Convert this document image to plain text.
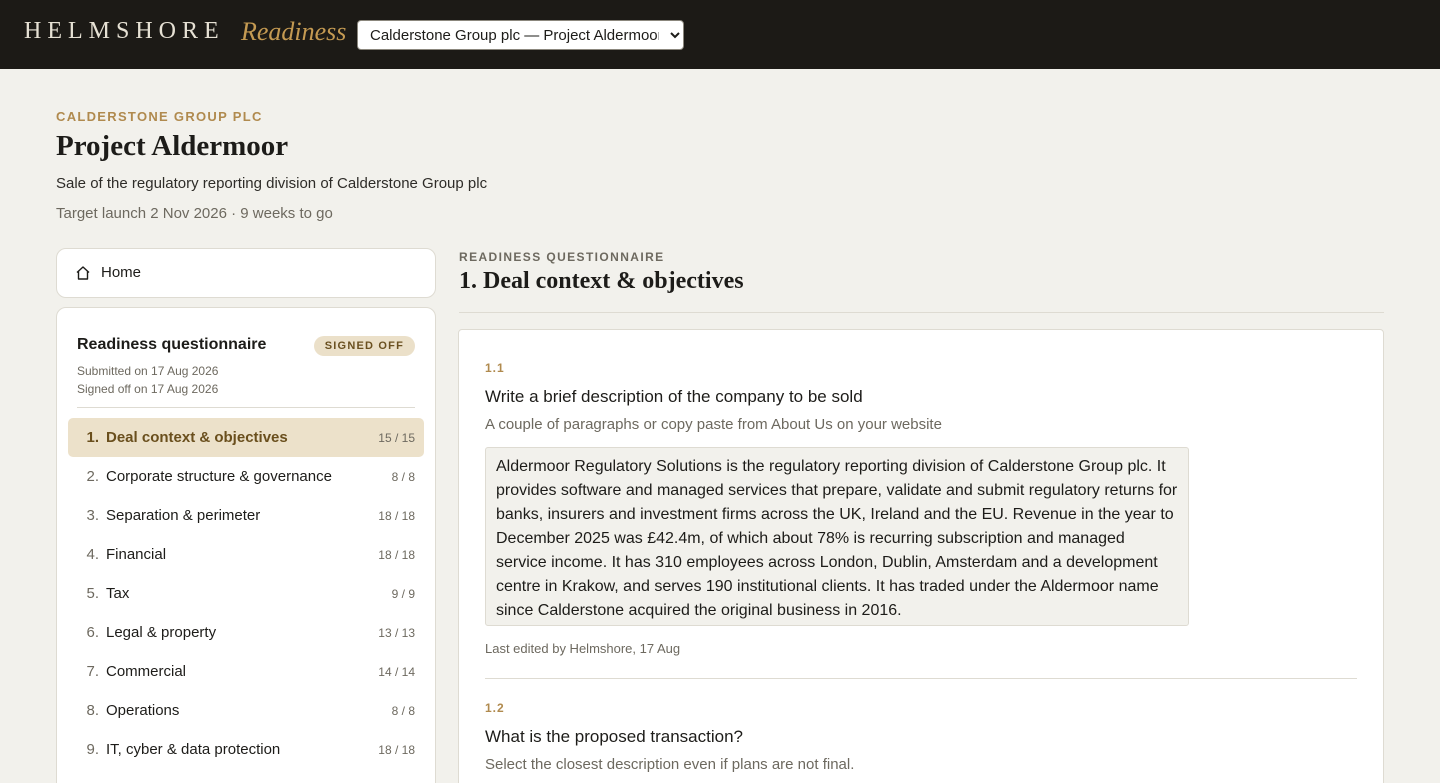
HELMSHORE Readiness
Calderstone Group plc — Project Aldermoor
CALDERSTONE GROUP PLC
Project Aldermoor
Sale of the regulatory reporting division of Calderstone Group plc
Target launch 2 Nov 2026 · 9 weeks to go
Home
Readiness questionnaire	SIGNED OFF
Submitted on 17 Aug 2026
Signed off on 17 Aug 2026
1. Deal context & objectives	15 / 15
2. Corporate structure & governance	8 / 8
3. Separation & perimeter	18 / 18
4. Financial	18 / 18
5. Tax	9 / 9
6. Legal & property	13 / 13
7. Commercial	14 / 14
8. Operations	8 / 8
9. IT, cyber & data protection	18 / 18
READINESS QUESTIONNAIRE
1. Deal context & objectives
1.1
Write a brief description of the company to be sold
A couple of paragraphs or copy paste from About Us on your website
Aldermoor Regulatory Solutions is the regulatory reporting division of Calderstone Group plc. It provides software and managed services that prepare, validate and submit regulatory returns for banks, insurers and investment firms across the UK, Ireland and the EU. Revenue in the year to December 2025 was £42.4m, of which about 78% is recurring subscription and managed service income. It has 310 employees across London, Dublin, Amsterdam and a development centre in Krakow, and serves 190 institutional clients. It has traded under the Aldermoor name since Calderstone acquired the original business in 2016.
Last edited by Helmshore, 17 Aug
1.2
What is the proposed transaction?
Select the closest description even if plans are not final.
